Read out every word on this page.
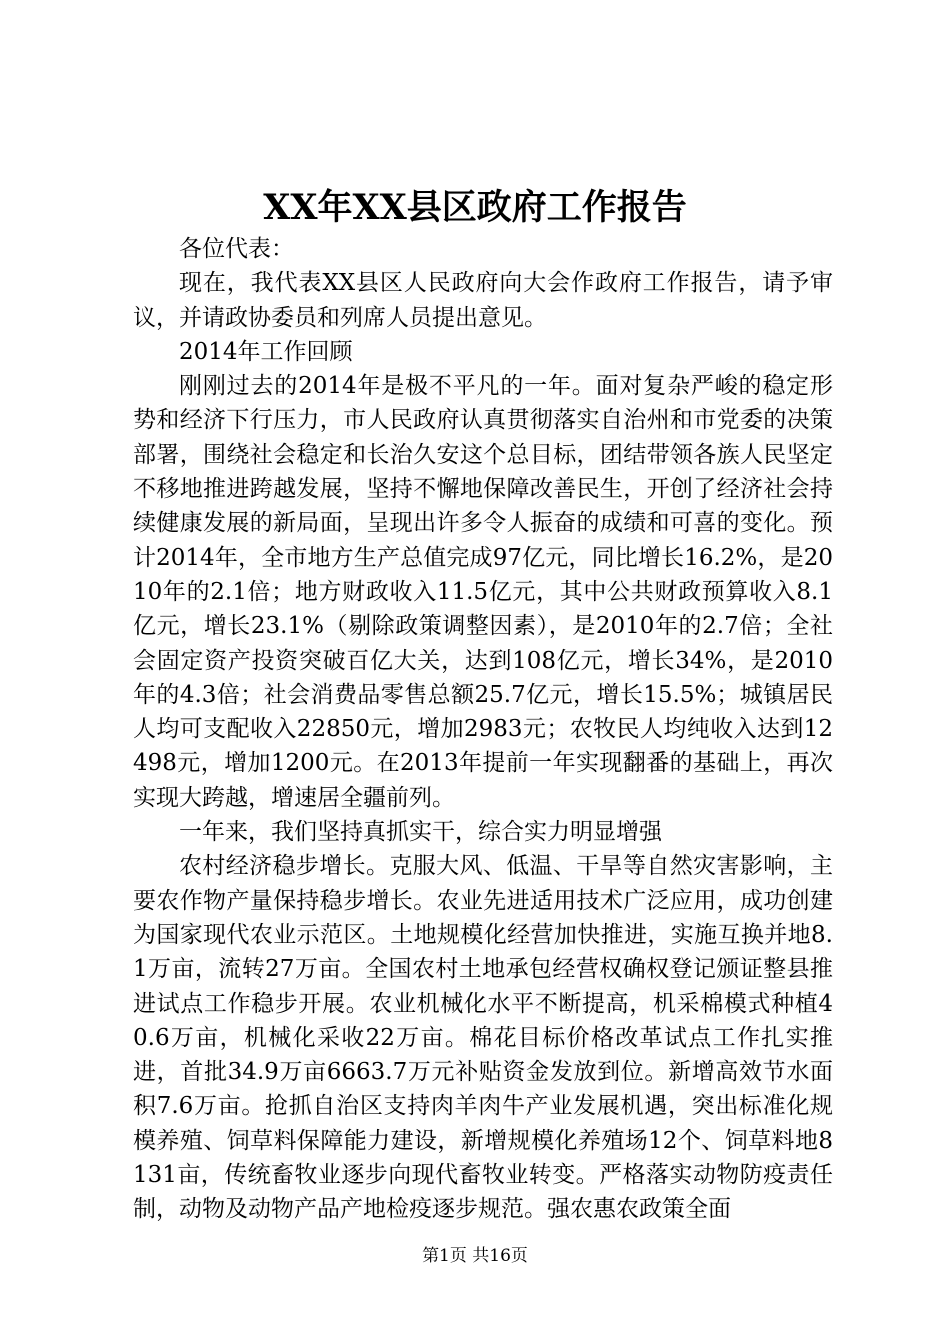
XX年XX县区政府工作报告

各位代表：

现在，我代表XX县区人民政府向大会作政府工作报告，请予审议，并请政协委员和列席人员提出意见。

2014年工作回顾

刚刚过去的2014年是极不平凡的一年。面对复杂严峻的稳定形势和经济下行压力，市人民政府认真贯彻落实自治州和市党委的决策部署，围绕社会稳定和长治久安这个总目标，团结带领各族人民坚定不移地推进跨越发展，坚持不懈地保障改善民生，开创了经济社会持续健康发展的新局面，呈现出许多令人振奋的成绩和可喜的变化。预计2014年，全市地方生产总值完成97亿元，同比增长16.2%，是2010年的2.1倍；地方财政收入11.5亿元，其中公共财政预算收入8.1亿元，增长23.1%（剔除政策调整因素），是2010年的2.7倍；全社会固定资产投资突破百亿大关，达到108亿元，增长34%，是2010年的4.3倍；社会消费品零售总额25.7亿元，增长15.5%；城镇居民人均可支配收入22850元，增加2983元；农牧民人均纯收入达到12498元，增加1200元。在2013年提前一年实现翻番的基础上，再次实现大跨越，增速居全疆前列。

一年来，我们坚持真抓实干，综合实力明显增强

农村经济稳步增长。克服大风、低温、干旱等自然灾害影响，主要农作物产量保持稳步增长。农业先进适用技术广泛应用，成功创建为国家现代农业示范区。土地规模化经营加快推进，实施互换并地8.1万亩，流转27万亩。全国农村土地承包经营权确权登记颁证整县推进试点工作稳步开展。农业机械化水平不断提高，机采棉模式种植40.6万亩，机械化采收22万亩。棉花目标价格改革试点工作扎实推进，首批34.9万亩6663.7万元补贴资金发放到位。新增高效节水面积7.6万亩。抢抓自治区支持肉羊肉牛产业发展机遇，突出标准化规模养殖、饲草料保障能力建设，新增规模化养殖场12个、饲草料地8131亩，传统畜牧业逐步向现代畜牧业转变。严格落实动物防疫责任制，动物及动物产品产地检疫逐步规范。强农惠农政策全面

第1页 共16页
